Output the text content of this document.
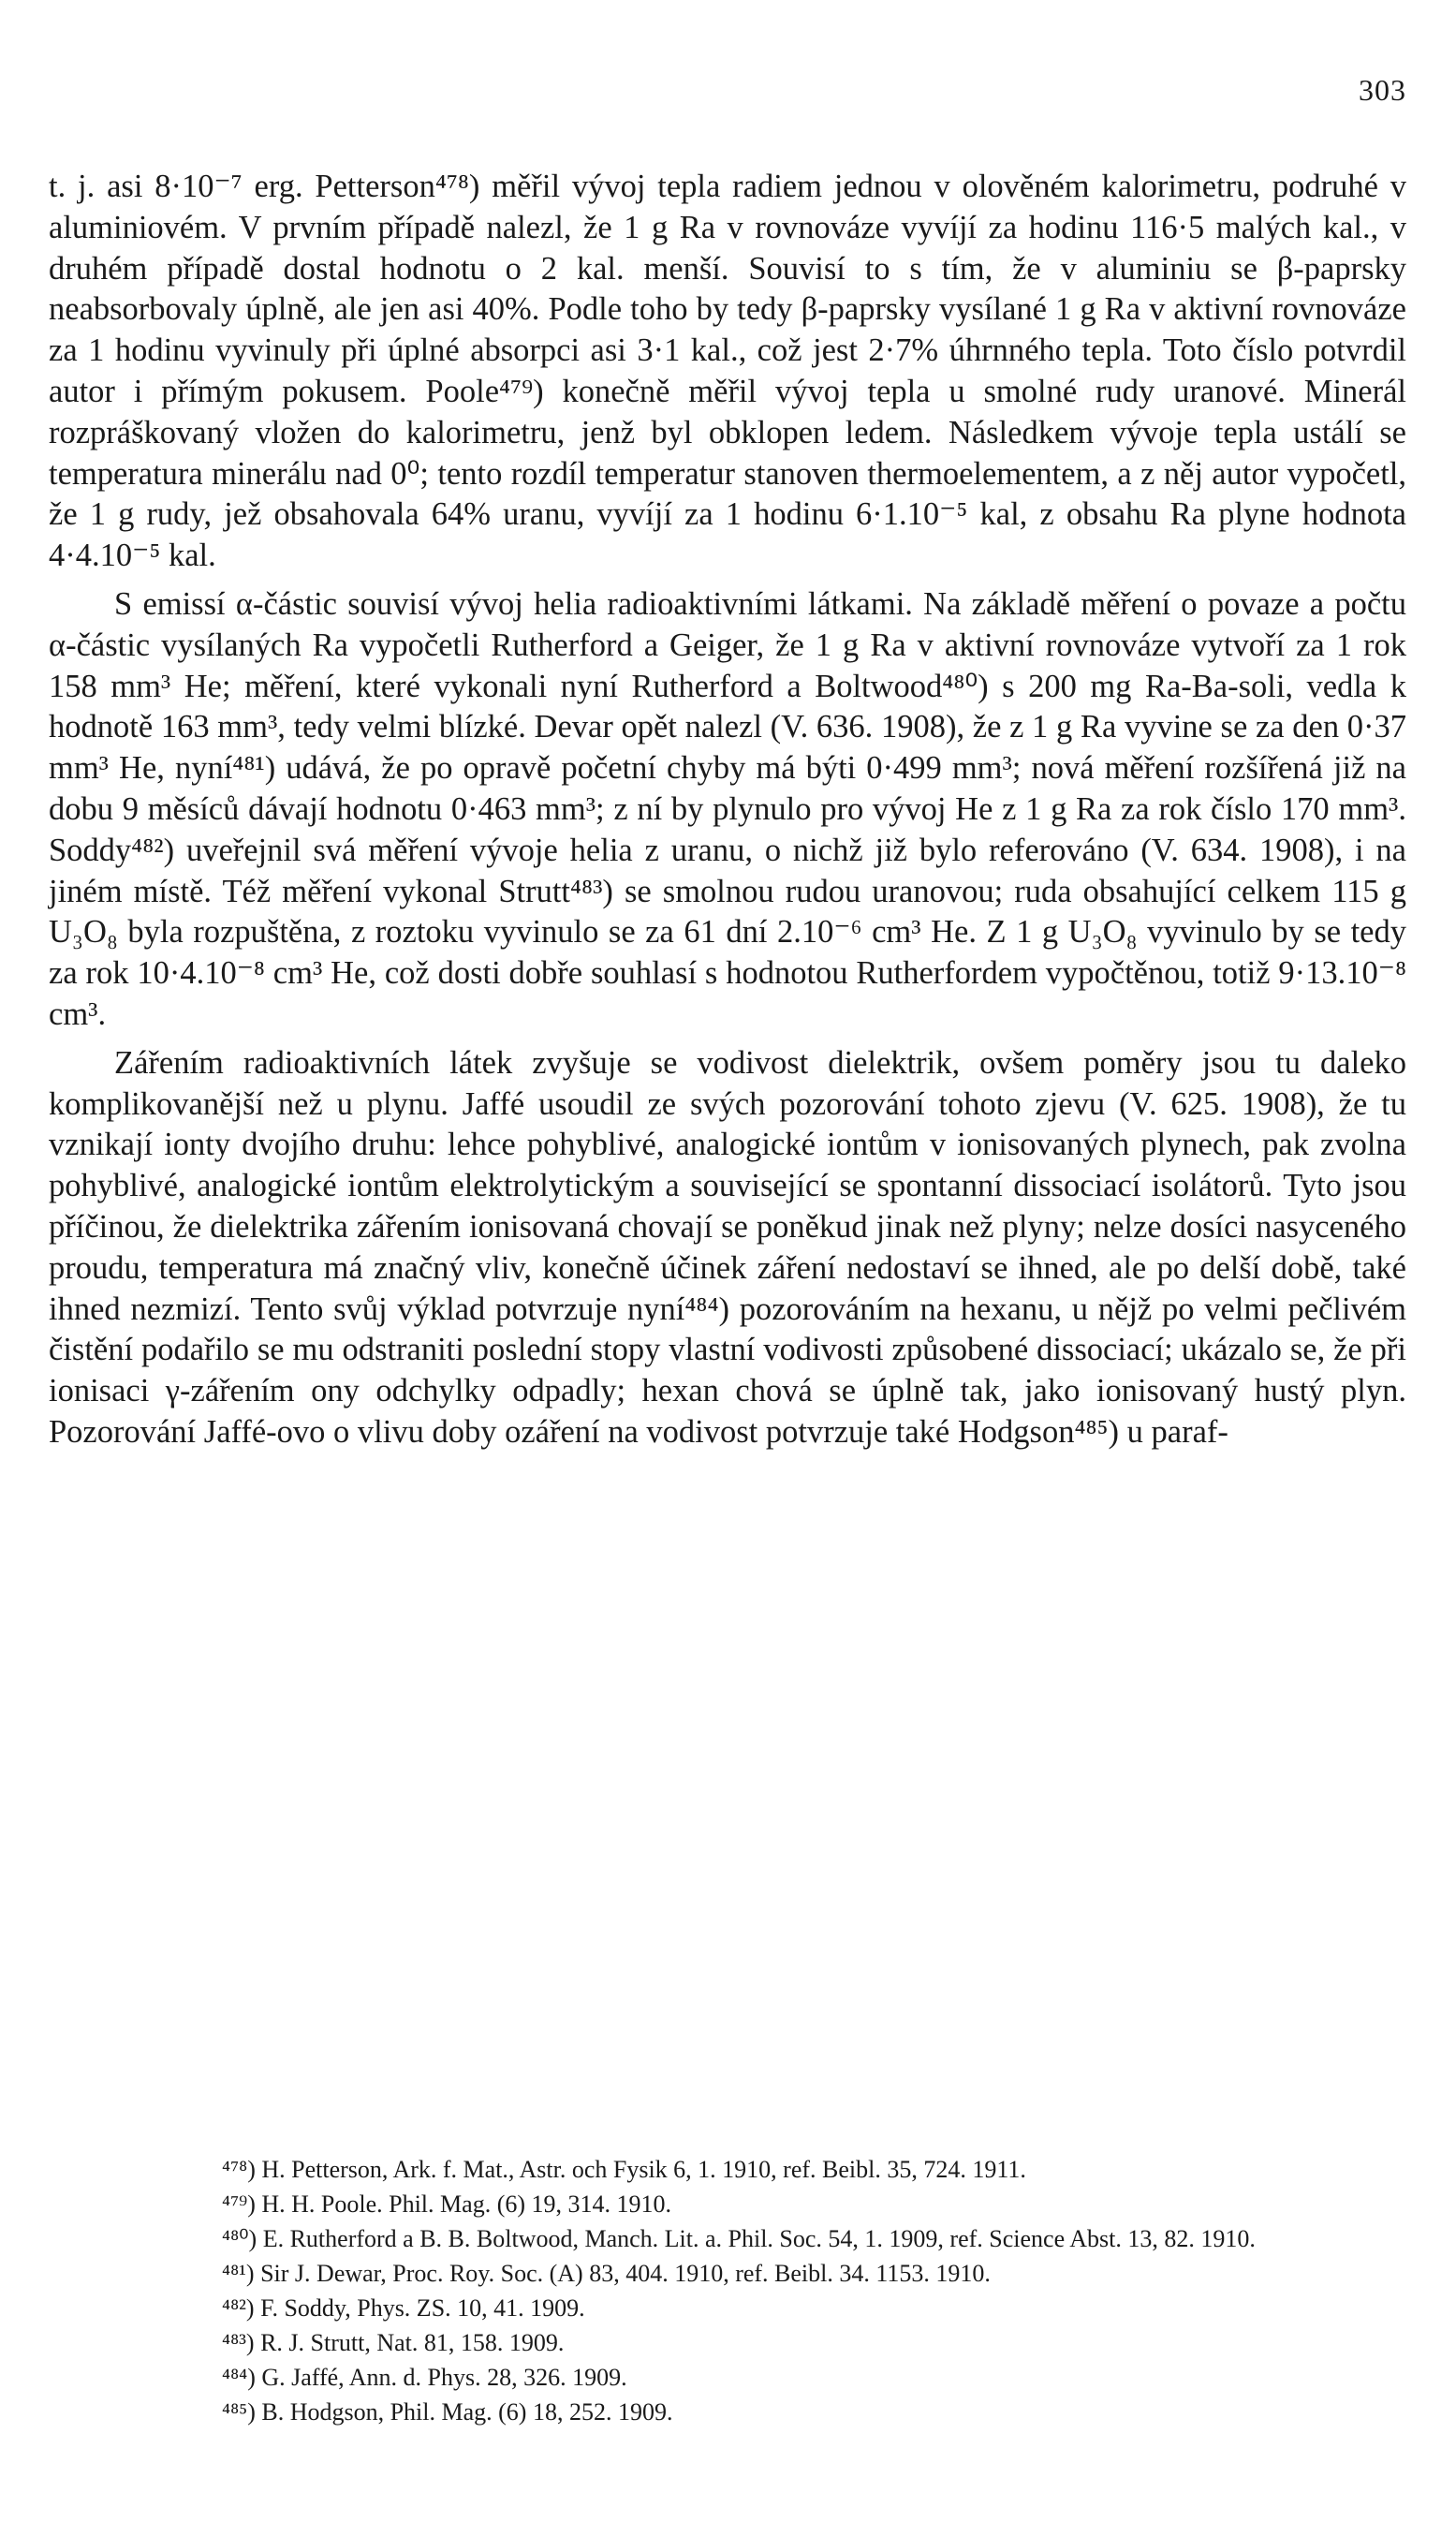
303

t. j. asi 8·10⁻⁷ erg. Petterson⁴⁷⁸) měřil vývoj tepla radiem jednou v olověném kalorimetru, podruhé v aluminiovém. V prvním případě nalezl, že 1 g Ra v rovnováze vyvíjí za hodinu 116·5 malých kal., v druhém případě dostal hodnotu o 2 kal. menší. Souvisí to s tím, že v aluminiu se β-paprsky neabsorbovaly úplně, ale jen asi 40%. Podle toho by tedy β-paprsky vysílané 1 g Ra v aktivní rovnováze za 1 hodinu vyvinuly při úplné absorpci asi 3·1 kal., což jest 2·7% úhrnného tepla. Toto číslo potvrdil autor i přímým pokusem. Poole⁴⁷⁹) konečně měřil vývoj tepla u smolné rudy uranové. Minerál rozpráškovaný vložen do kalorimetru, jenž byl obklopen ledem. Následkem vývoje tepla ustálí se temperatura minerálu nad 0⁰; tento rozdíl temperatur stanoven thermoelementem, a z něj autor vypočetl, že 1 g rudy, jež obsahovala 64% uranu, vyvíjí za 1 hodinu 6·1.10⁻⁵ kal, z obsahu Ra plyne hodnota 4·4.10⁻⁵ kal.

S emissí α-částic souvisí vývoj helia radioaktivními látkami. Na základě měření o povaze a počtu α-částic vysílaných Ra vypočetli Rutherford a Geiger, že 1 g Ra v aktivní rovnováze vytvoří za 1 rok 158 mm³ He; měření, které vykonali nyní Rutherford a Boltwood⁴⁸⁰) s 200 mg Ra-Ba-soli, vedla k hodnotě 163 mm³, tedy velmi blízké. Devar opět nalezl (V. 636. 1908), že z 1 g Ra vyvine se za den 0·37 mm³ He, nyní⁴⁸¹) udává, že po opravě početní chyby má býti 0·499 mm³; nová měření rozšířená již na dobu 9 měsíců dávají hodnotu 0·463 mm³; z ní by plynulo pro vývoj He z 1 g Ra za rok číslo 170 mm³. Soddy⁴⁸²) uveřejnil svá měření vývoje helia z uranu, o nichž již bylo referováno (V. 634. 1908), i na jiném místě. Též měření vykonal Strutt⁴⁸³) se smolnou rudou uranovou; ruda obsahující celkem 115 g U₃O₈ byla rozpuštěna, z roztoku vyvinulo se za 61 dní 2.10⁻⁶ cm³ He. Z 1 g U₃O₈ vyvinulo by se tedy za rok 10·4.10⁻⁸ cm³ He, což dosti dobře souhlasí s hodnotou Rutherfordem vypočtěnou, totiž 9·13.10⁻⁸ cm³.

Zářením radioaktivních látek zvyšuje se vodivost dielektrik, ovšem poměry jsou tu daleko komplikovanější než u plynu. Jaffé usoudil ze svých pozorování tohoto zjevu (V. 625. 1908), že tu vznikají ionty dvojího druhu: lehce pohyblivé, analogické iontům v ionisovaných plynech, pak zvolna pohyblivé, analogické iontům elektrolytickým a související se spontanní dissociací isolátorů. Tyto jsou příčinou, že dielektrika zářením ionisovaná chovají se poněkud jinak než plyny; nelze dosíci nasyceného proudu, temperatura má značný vliv, konečně účinek záření nedostaví se ihned, ale po delší době, také ihned nezmizí. Tento svůj výklad potvrzuje nyní⁴⁸⁴) pozorováním na hexanu, u nějž po velmi pečlivém čistění podařilo se mu odstraniti poslední stopy vlastní vodivosti způsobené dissociací; ukázalo se, že při ionisaci γ-zářením ony odchylky odpadly; hexan chová se úplně tak, jako ionisovaný hustý plyn. Pozorování Jaffé-ovo o vlivu doby ozáření na vodivost potvrzuje také Hodgson⁴⁸⁵) u paraf-

⁴⁷⁸) H. Petterson, Ark. f. Mat., Astr. och Fysik 6, 1. 1910, ref. Beibl. 35, 724. 1911.

⁴⁷⁹) H. H. Poole. Phil. Mag. (6) 19, 314. 1910.

⁴⁸⁰) E. Rutherford a B. B. Boltwood, Manch. Lit. a. Phil. Soc. 54, 1. 1909, ref. Science Abst. 13, 82. 1910.

⁴⁸¹) Sir J. Dewar, Proc. Roy. Soc. (A) 83, 404. 1910, ref. Beibl. 34. 1153. 1910.

⁴⁸²) F. Soddy, Phys. ZS. 10, 41. 1909.

⁴⁸³) R. J. Strutt, Nat. 81, 158. 1909.

⁴⁸⁴) G. Jaffé, Ann. d. Phys. 28, 326. 1909.

⁴⁸⁵) B. Hodgson, Phil. Mag. (6) 18, 252. 1909.
